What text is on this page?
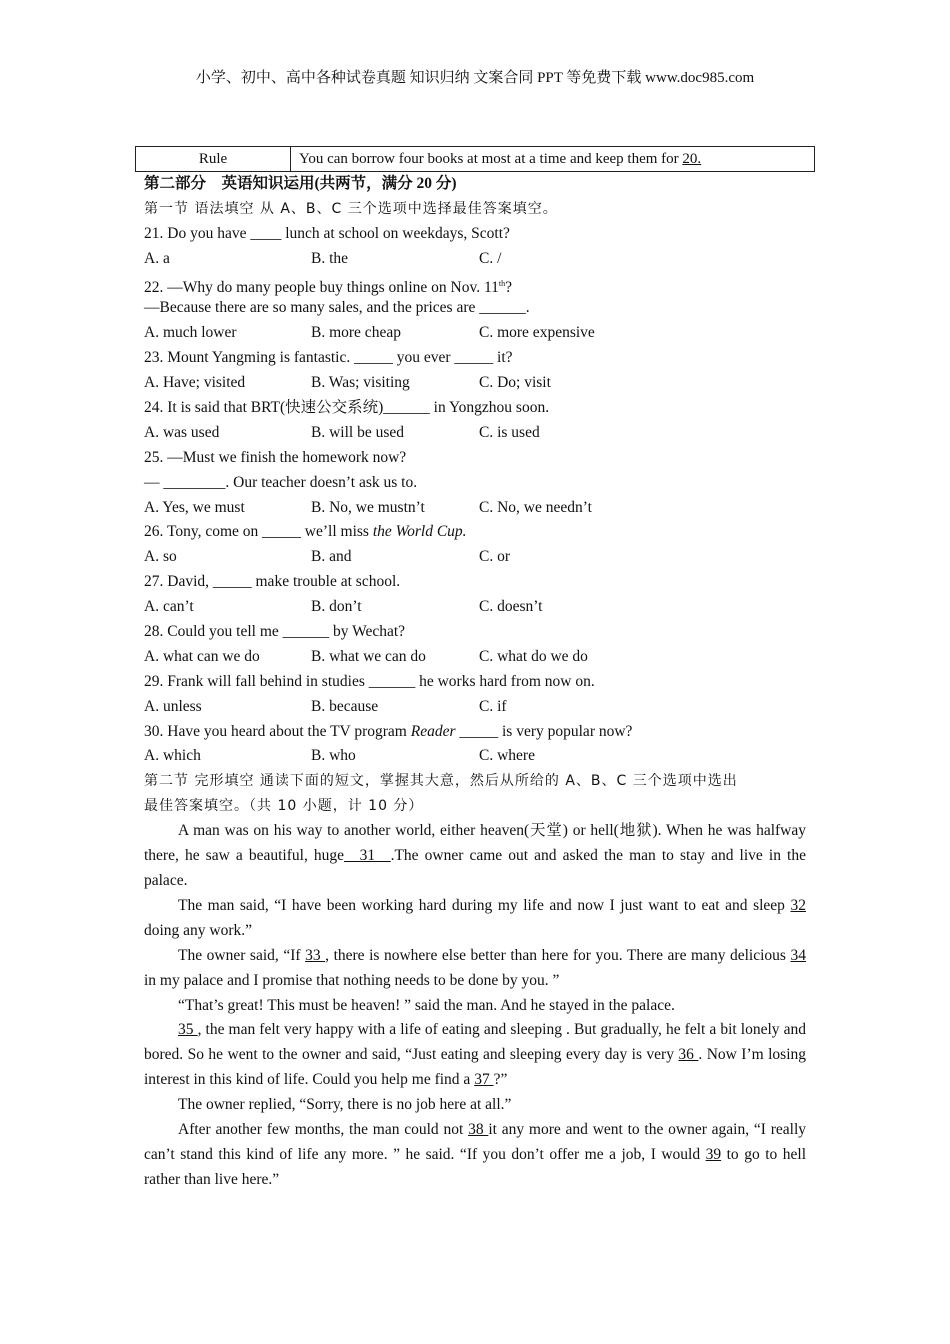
小学、初中、高中各种试卷真题 知识归纳 文案合同 PPT 等免费下载 www.doc985.com
Rule	You can borrow four books at most at a time and keep them for 20.
第二部分　英语知识运用(共两节，满分 20 分)
第一节 语法填空 从 A、B、C 三个选项中选择最佳答案填空。
21. Do you have ____ lunch at school on weekdays, Scott?
A. a	B. the	C. /
22. —Why do many people buy things online on Nov. 11th?
—Because there are so many sales, and the prices are ______.
A. much lower	B. more cheap	C. more expensive
23. Mount Yangming is fantastic. _____ you ever _____ it?
A. Have; visited	B. Was; visiting	C. Do; visit
24. It is said that BRT(快速公交系统)______ in Yongzhou soon.
A. was used	B. will be used	C. is used
25. —Must we finish the homework now?
— ________. Our teacher doesn’t ask us to.
A. Yes, we must	B. No, we mustn’t	C. No, we needn’t
26. Tony, come on _____ we’ll miss the World Cup.
A. so	B. and	C. or
27. David, _____ make trouble at school.
A. can’t	B. don’t	C. doesn’t
28. Could you tell me ______ by Wechat?
A. what can we do	B. what we can do	C. what do we do
29. Frank will fall behind in studies ______ he works hard from now on.
A. unless	B. because	C. if
30. Have you heard about the TV program Reader _____ is very popular now?
A. which	B. who	C. where
第二节 完形填空 通读下面的短文，掌握其大意，然后从所给的 A、B、C 三个选项中选出
最佳答案填空。（共 10 小题，计 10 分）
A man was on his way to another world, either heaven(天堂) or hell(地狱). When he was halfway there, he saw a beautiful, huge__31__.The owner came out and asked the man to stay and live in the palace.
The man said, “I have been working hard during my life and now I just want to eat and sleep 32 doing any work.”
The owner said, “If 33 , there is nowhere else better than here for you. There are many delicious 34 in my palace and I promise that nothing needs to be done by you. ”
“That’s great! This must be heaven! ” said the man. And he stayed in the palace.
35 , the man felt very happy with a life of eating and sleeping . But gradually, he felt a bit lonely and bored. So he went to the owner and said, “Just eating and sleeping every day is very 36 . Now I’m losing interest in this kind of life. Could you help me find a 37 ?”
The owner replied, “Sorry, there is no job here at all.”
After another few months, the man could not 38 it any more and went to the owner again, “I really can’t stand this kind of life any more. ” he said. “If you don’t offer me a job, I would 39 to go to hell rather than live here.”
